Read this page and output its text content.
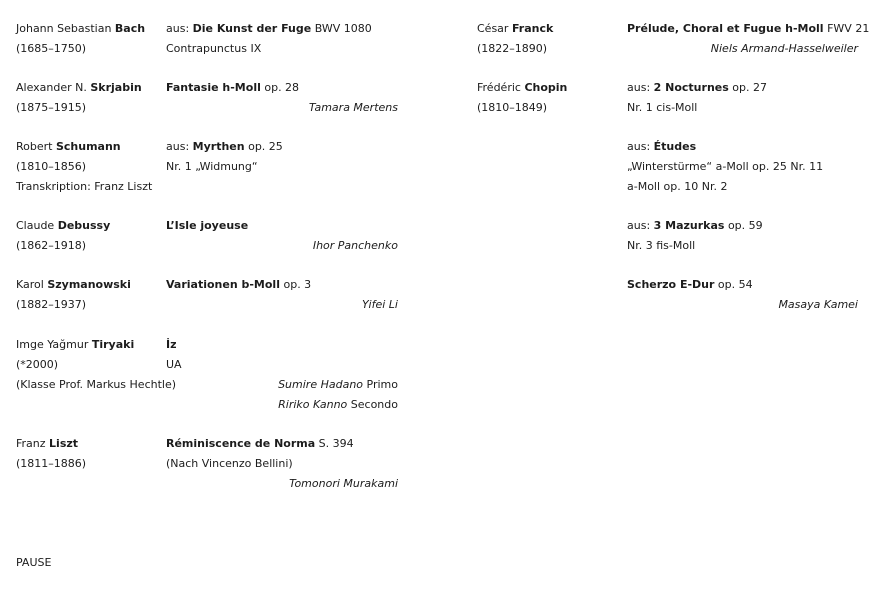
Johann Sebastian Bach
(1685–1750)
aus: Die Kunst der Fuge BWV 1080
Contrapunctus IX
Alexander N. Skrjabin
(1875–1915)
Fantasie h-Moll op. 28
Tamara Mertens
Robert Schumann
(1810–1856)
Transkription: Franz Liszt
aus: Myrthen op. 25
Nr. 1 „Widmung“
Claude Debussy
(1862–1918)
L’Isle joyeuse
Ihor Panchenko
Karol Szymanowski
(1882–1937)
Variationen b-Moll op. 3
Yifei Li
Imge Yağmur Tiryaki
(*2000)
(Klasse Prof. Markus Hechtle)
İz
UA
Sumire Hadano Primo
Ririko Kanno Secondo
Franz Liszt
(1811–1886)
Réminiscence de Norma S. 394
(Nach Vincenzo Bellini)
Tomonori Murakami
PAUSE
César Franck
(1822–1890)
Prélude, Choral et Fugue h-Moll FWV 21
Niels Armand-Hasselweiler
Frédéric Chopin
(1810–1849)
aus: 2 Nocturnes op. 27
Nr. 1 cis-Moll
aus: Études
„Winterstürme“ a-Moll op. 25 Nr. 11
a-Moll op. 10 Nr. 2
aus: 3 Mazurkas op. 59
Nr. 3 fis-Moll
Scherzo E-Dur op. 54
Masaya Kamei
